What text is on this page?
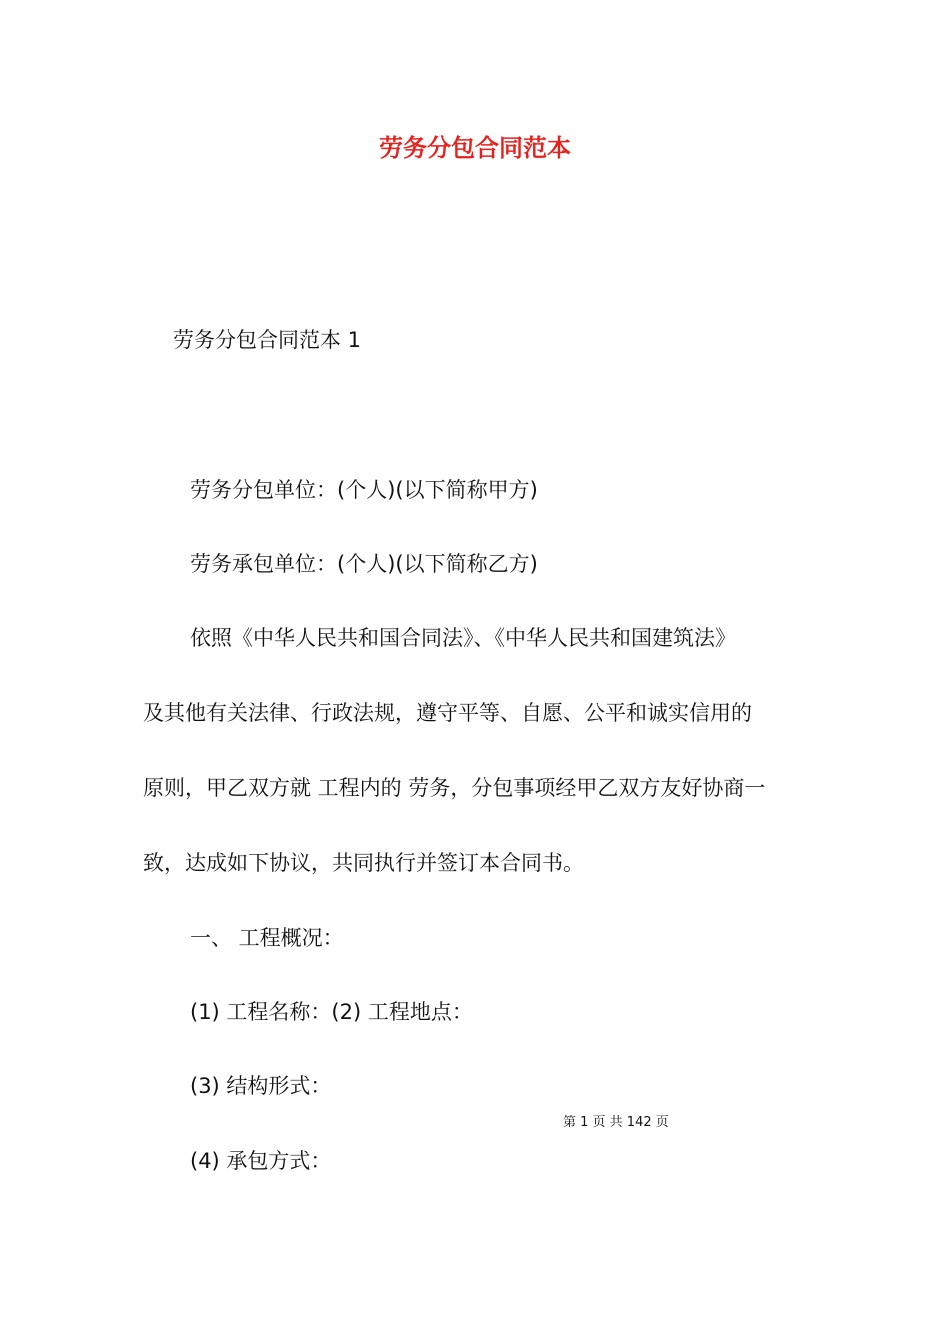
劳务分包合同范本

劳务分包合同范本 1

劳务分包单位：(个人)(以下简称甲方)

劳务承包单位：(个人)(以下简称乙方)

依照《中华人民共和国合同法》、《中华人民共和国建筑法》

及其他有关法律、行政法规，遵守平等、自愿、公平和诚实信用的

原则，甲乙双方就 工程内的 劳务，分包事项经甲乙双方友好协商一

致，达成如下协议，共同执行并签订本合同书。

一、 工程概况：

(1) 工程名称：(2) 工程地点：

(3) 结构形式：

第 1 页 共 142 页

(4) 承包方式：
